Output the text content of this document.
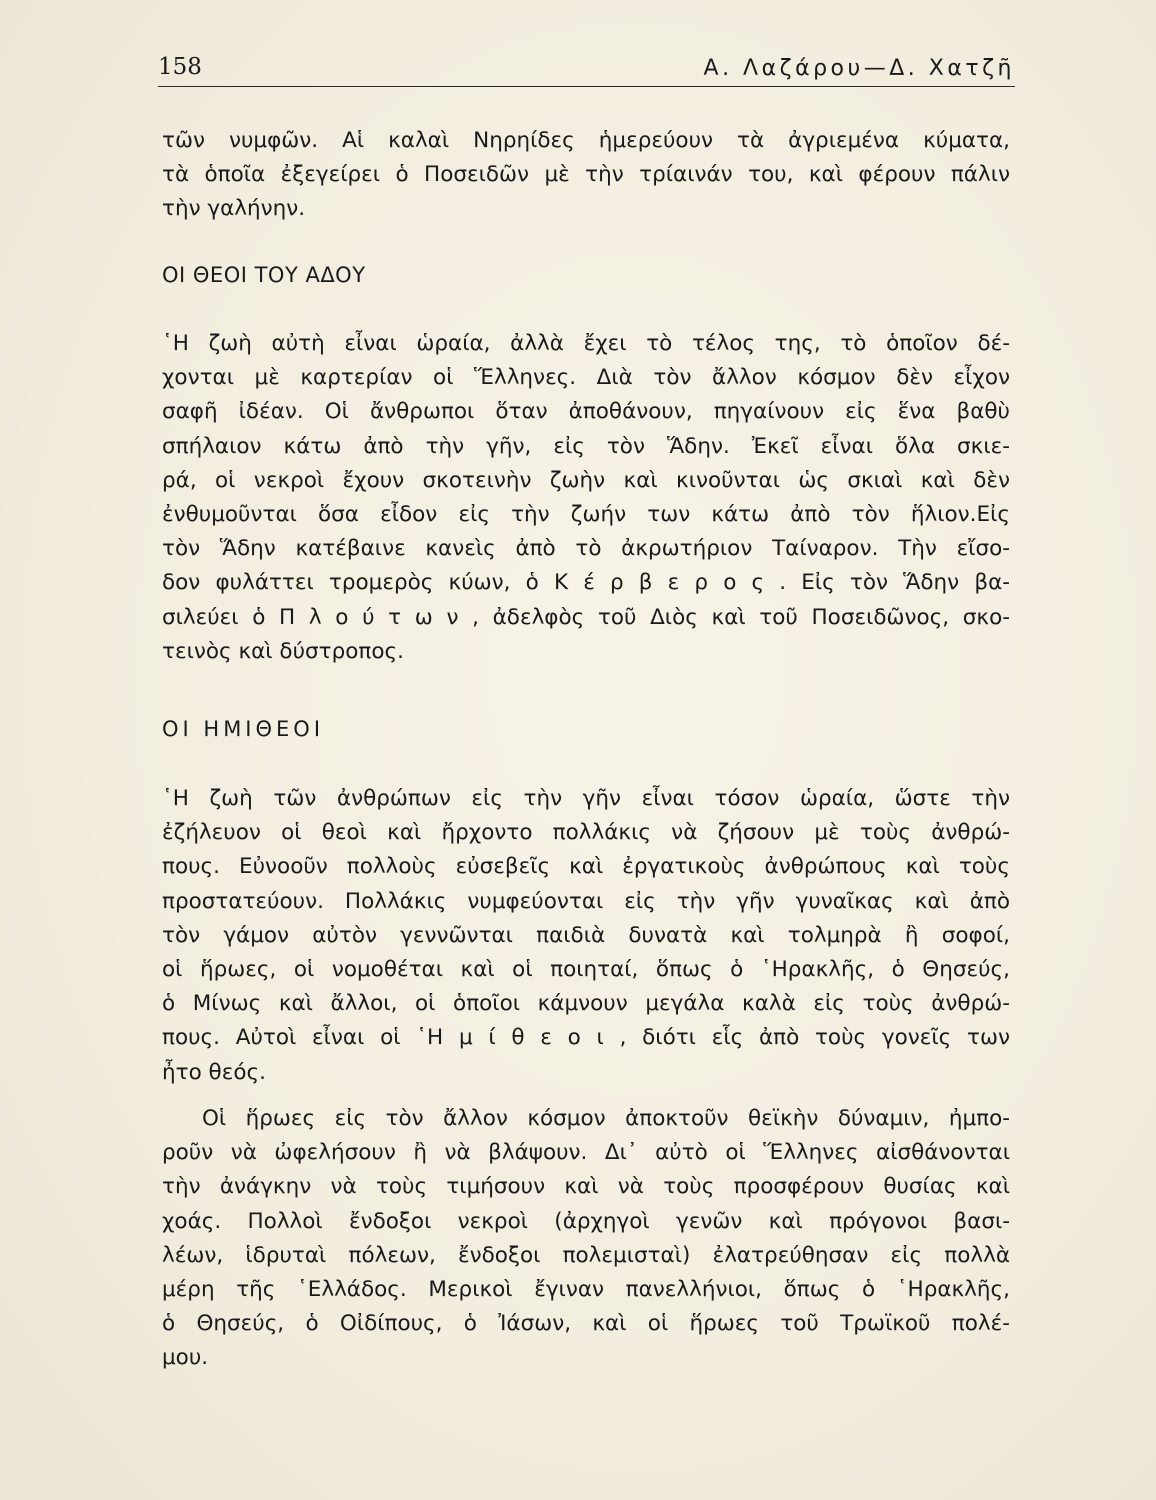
158	Α. Λαζάρου—Δ. Χατζῆ

τῶν νυμφῶν. Αἱ καλαὶ Νηρηίδες ἡμερεύουν τὰ ἀγριεμένα κύματα,
τὰ ὁποῖα ἐξεγείρει ὁ Ποσειδῶν μὲ τὴν τρίαινάν του, καὶ φέρουν πάλιν
τὴν γαλήνην.

ΟΙ ΘΕΟΙ ΤΟΥ ΑΔΟΥ

῾Η ζωὴ αὐτὴ εἶναι ὡραία, ἀλλὰ ἔχει τὸ τέλος της, τὸ ὁποῖον δέ-
χονται μὲ καρτερίαν οἱ Ἕλληνες. Διὰ τὸν ἄλλον κόσμον δὲν εἶχον
σαφῆ ἰδέαν. Οἱ ἄνθρωποι ὅταν ἀποθάνουν, πηγαίνουν εἰς ἕνα βαθὺ
σπήλαιον κάτω ἀπὸ τὴν γῆν, εἰς τὸν Ἅδην. Ἐκεῖ εἶναι ὅλα σκιε-
ρά, οἱ νεκροὶ ἔχουν σκοτεινὴν ζωὴν καὶ κινοῦνται ὡς σκιαὶ καὶ δὲν
ἐνθυμοῦνται ὅσα εἶδον εἰς τὴν ζωήν των κάτω ἀπὸ τὸν ἥλιον.Εἰς
τὸν Ἅδην κατέβαινε κανεὶς ἀπὸ τὸ ἀκρωτήριον Ταίναρον. Τὴν εἴσο-
δον φυλάττει τρομερὸς κύων, ὁ Κ έ ρ β ε ρ ο ς . Εἰς τὸν Ἅδην βα-
σιλεύει ὁ Π λ ο ύ τ ω ν , ἀδελφὸς τοῦ Διὸς καὶ τοῦ Ποσειδῶνος, σκο-
τεινὸς καὶ δύστροπος.

ΟΙ ΗΜΙΘΕΟΙ

῾Η ζωὴ τῶν ἀνθρώπων εἰς τὴν γῆν εἶναι τόσον ὡραία, ὥστε τὴν
ἐζήλευον οἱ θεοὶ καὶ ἤρχοντο πολλάκις νὰ ζήσουν μὲ τοὺς ἀνθρώ-
πους. Εὐνοοῦν πολλοὺς εὐσεβεῖς καὶ ἐργατικοὺς ἀνθρώπους καὶ τοὺς
προστατεύουν. Πολλάκις νυμφεύονται εἰς τὴν γῆν γυναῖκας καὶ ἀπὸ
τὸν γάμον αὐτὸν γεννῶνται παιδιὰ δυνατὰ καὶ τολμηρὰ ἢ σοφοί,
οἱ ἥρωες, οἱ νομοθέται καὶ οἱ ποιηταί, ὅπως ὁ ῾Ηρακλῆς, ὁ Θησεύς,
ὁ Μίνως καὶ ἄλλοι, οἱ ὁποῖοι κάμνουν μεγάλα καλὰ εἰς τοὺς ἀνθρώ-
πους. Αὐτοὶ εἶναι οἱ ῾Η μ ί θ ε ο ι , διότι εἷς ἀπὸ τοὺς γονεῖς των
ἦτο θεός.

Οἱ ἥρωες εἰς τὸν ἄλλον κόσμον ἀποκτοῦν θεϊκὴν δύναμιν, ἠμπο-
ροῦν νὰ ὠφελήσουν ἢ νὰ βλάψουν. Δι᾽ αὐτὸ οἱ Ἕλληνες αἰσθάνονται
τὴν ἀνάγκην νὰ τοὺς τιμήσουν καὶ νὰ τοὺς προσφέρουν θυσίας καὶ
χοάς. Πολλοὶ ἔνδοξοι νεκροὶ (ἀρχηγοὶ γενῶν καὶ πρόγονοι βασι-
λέων, ἱδρυταὶ πόλεων, ἔνδοξοι πολεμισταὶ) ἐλατρεύθησαν εἰς πολλὰ
μέρη τῆς ῾Ελλάδος. Μερικοὶ ἔγιναν πανελλήνιοι, ὅπως ὁ ῾Ηρακλῆς,
ὁ Θησεύς, ὁ Οἰδίπους, ὁ Ἰάσων, καὶ οἱ ἥρωες τοῦ Τρωϊκοῦ πολέ-
μου.
